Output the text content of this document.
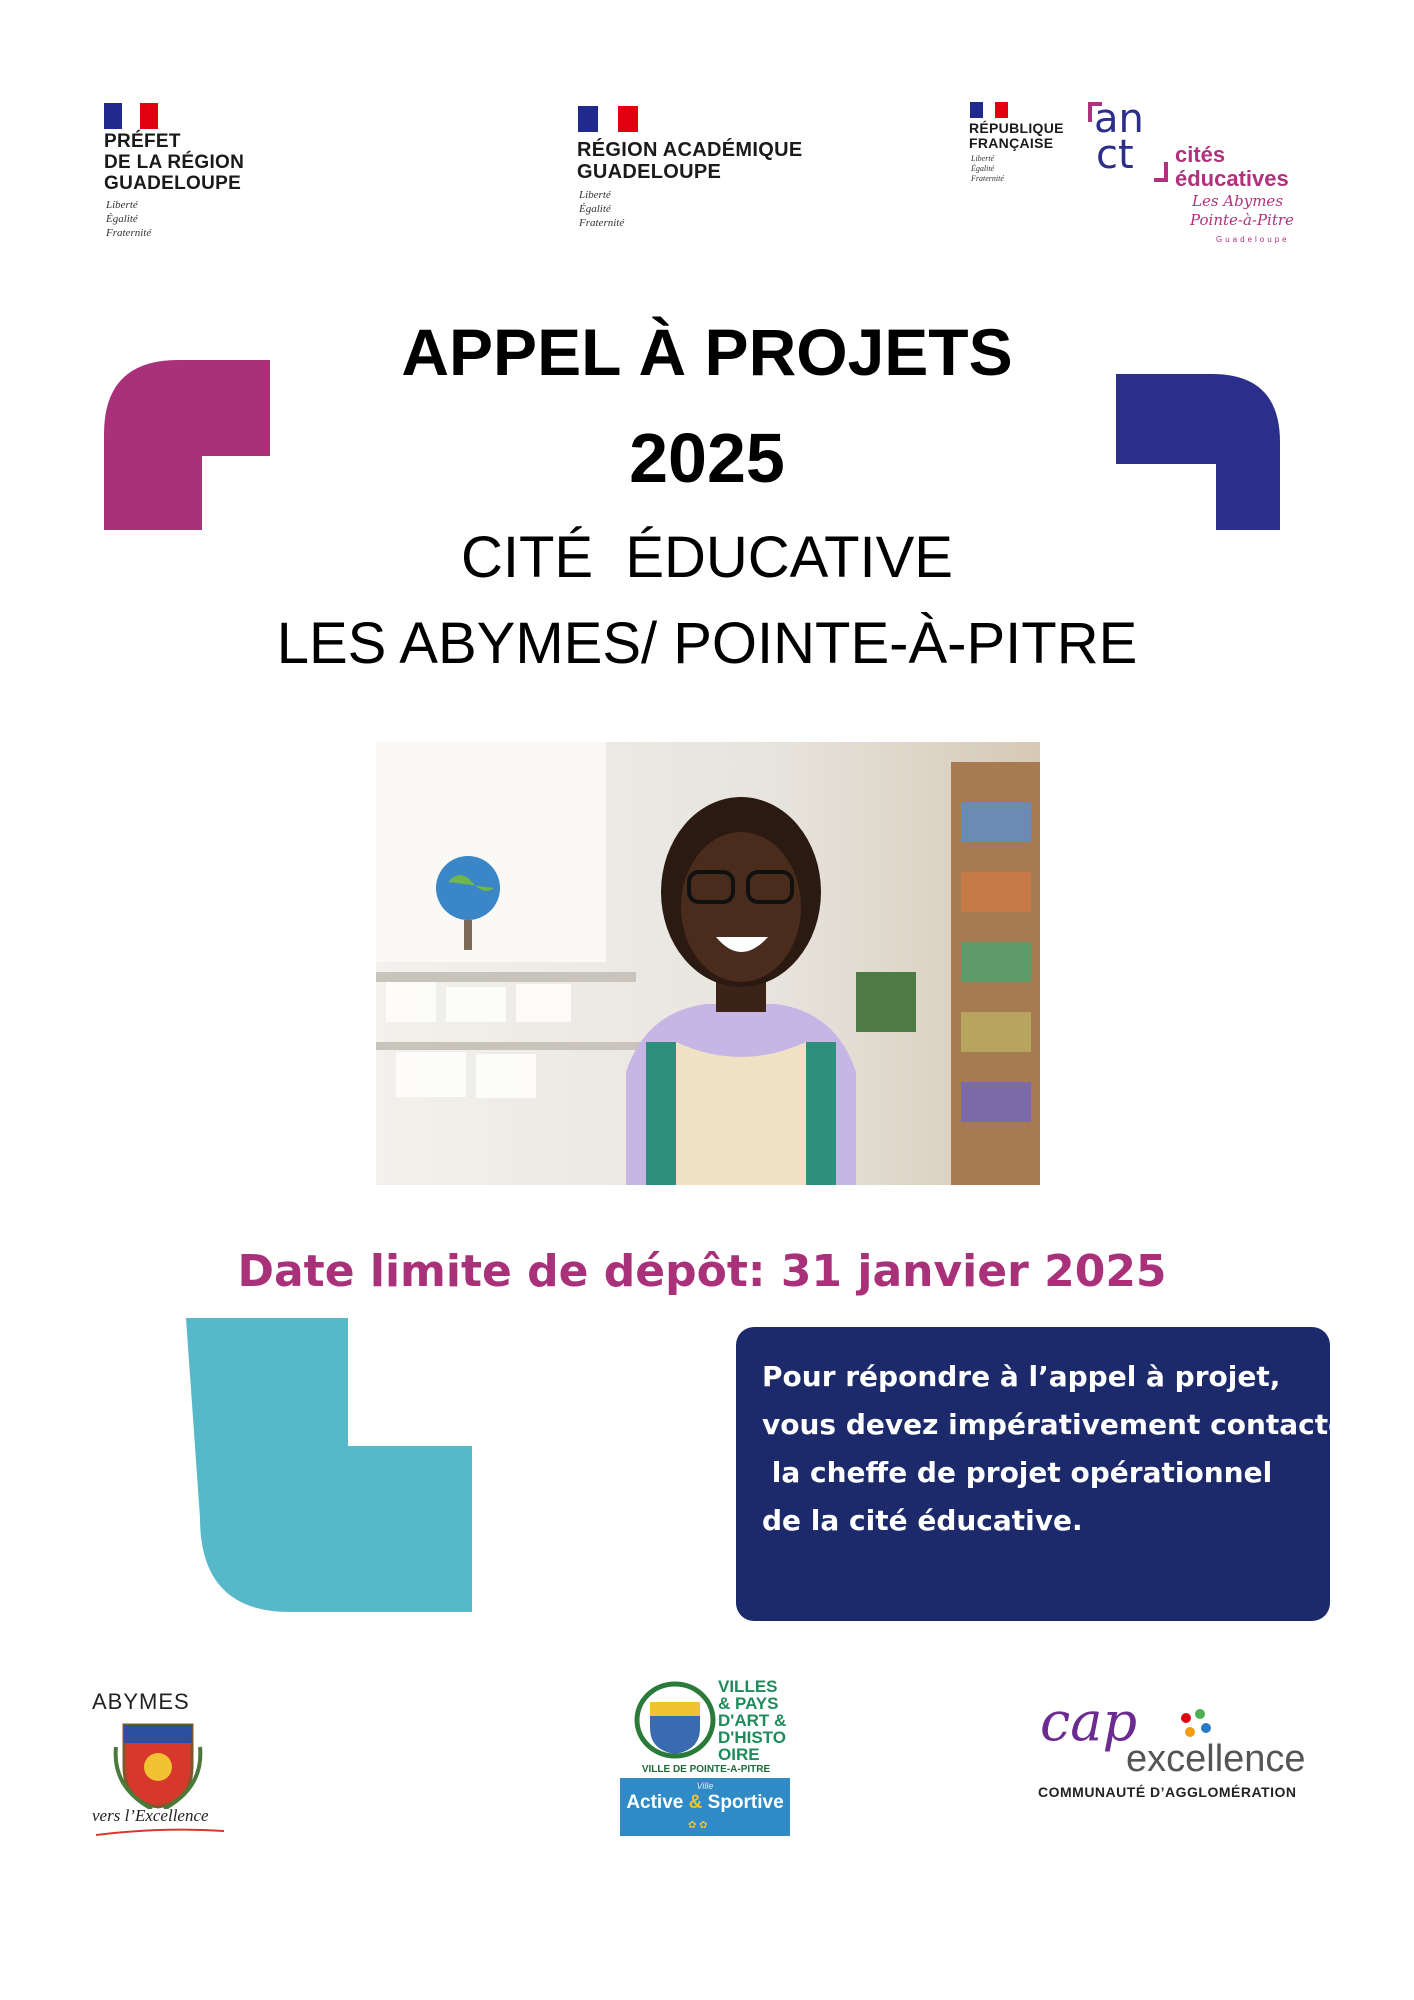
PRÉFET
DE LA RÉGION
GUADELOUPE
Liberté
Égalité
Fraternité
RÉGION ACADÉMIQUE
GUADELOUPE
Liberté
Égalité
Fraternité
RÉPUBLIQUE
FRANÇAISE
Liberté
Égalité
Fraternité
an
ct cités
éducatives
Les Abymes
Pointe-à-Pitre
Guadeloupe
APPEL À PROJETS
2025
CITÉ  ÉDUCATIVE
LES ABYMES/ POINTE-À-PITRE
Date limite de dépôt: 31 janvier 2025

Pour répondre à l’appel à projet,

vous devez impérativement contacter

la cheffe de projet opérationnel

de la cité éducative.

ABYMES
vers l’Excellence
VILLES
& PAYS
D'ART &
D'HISTO
OIRE
VILLE DE POINTE-A-PITRE
Ville
Active & Sportive
✿ ✿
cap
excellence
COMMUNAUTÉ D’AGGLOMÉRATION
